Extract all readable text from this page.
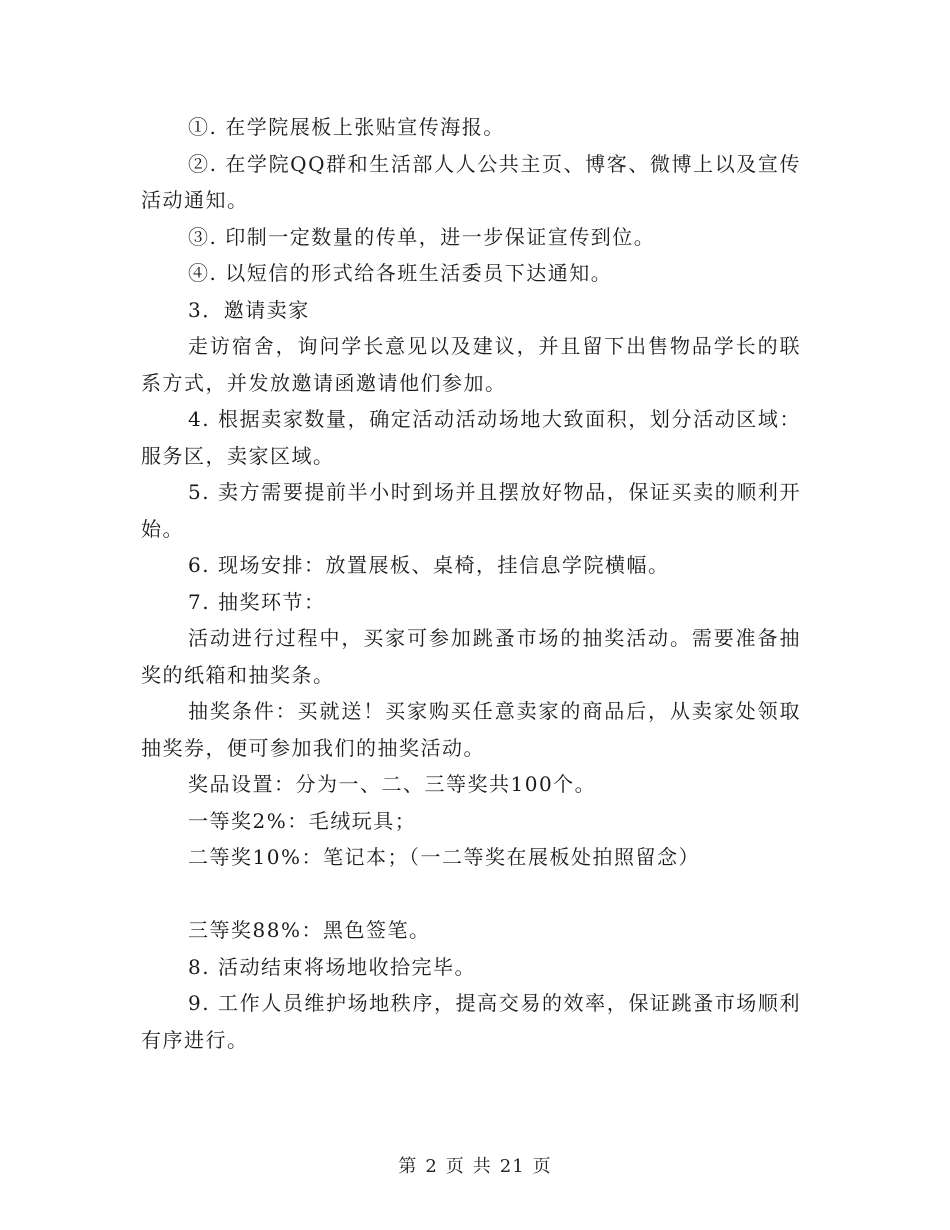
①. 在学院展板上张贴宣传海报。

②. 在学院QQ群和生活部人人公共主页、博客、微博上以及宣传活动通知。

③. 印制一定数量的传单，进一步保证宣传到位。

④. 以短信的形式给各班生活委员下达通知。

3．邀请卖家

走访宿舍，询问学长意见以及建议，并且留下出售物品学长的联系方式，并发放邀请函邀请他们参加。

4. 根据卖家数量，确定活动活动场地大致面积，划分活动区域：服务区，卖家区域。

5. 卖方需要提前半小时到场并且摆放好物品，保证买卖的顺利开始。

6. 现场安排：放置展板、桌椅，挂信息学院横幅。

7. 抽奖环节：

活动进行过程中，买家可参加跳蚤市场的抽奖活动。需要准备抽奖的纸箱和抽奖条。

抽奖条件：买就送！买家购买任意卖家的商品后，从卖家处领取抽奖券，便可参加我们的抽奖活动。

奖品设置：分为一、二、三等奖共100个。

一等奖2%：毛绒玩具；

二等奖10%：笔记本；（一二等奖在展板处拍照留念）

三等奖88%：黑色签笔。

8. 活动结束将场地收拾完毕。

9. 工作人员维护场地秩序，提高交易的效率，保证跳蚤市场顺利有序进行。

第 2 页 共 21 页
